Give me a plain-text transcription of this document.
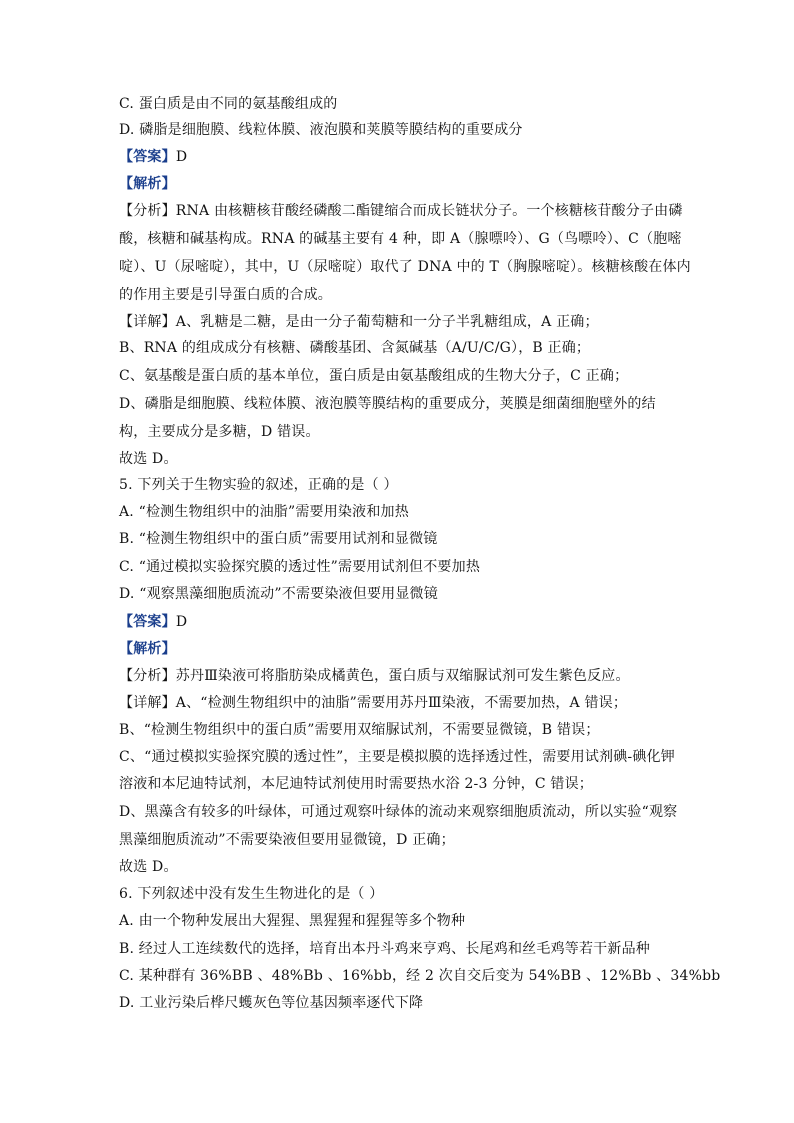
C. 蛋白质是由不同的氨基酸组成的
D. 磷脂是细胞膜、线粒体膜、液泡膜和荚膜等膜结构的重要成分
【答案】D
【解析】
【分析】RNA 由核糖核苷酸经磷酸二酯键缩合而成长链状分子。一个核糖核苷酸分子由磷
酸，核糖和碱基构成。RNA 的碱基主要有 4 种，即 A（腺嘌呤）、G（鸟嘌呤）、C（胞嘧
啶）、U（尿嘧啶），其中，U（尿嘧啶）取代了 DNA 中的 T（胸腺嘧啶）。核糖核酸在体内
的作用主要是引导蛋白质的合成。
【详解】A、乳糖是二糖，是由一分子葡萄糖和一分子半乳糖组成，A 正确；
B、RNA 的组成成分有核糖、磷酸基团、含氮碱基（A/U/C/G），B 正确；
C、氨基酸是蛋白质的基本单位，蛋白质是由氨基酸组成的生物大分子，C 正确；
D、磷脂是细胞膜、线粒体膜、液泡膜等膜结构的重要成分，荚膜是细菌细胞壁外的结
构，主要成分是多糖，D 错误。
故选 D。
5. 下列关于生物实验的叙述，正确的是（ ）
A. “检测生物组织中的油脂”需要用染液和加热
B. “检测生物组织中的蛋白质”需要用试剂和显微镜
C. “通过模拟实验探究膜的透过性”需要用试剂但不要加热
D. “观察黑藻细胞质流动”不需要染液但要用显微镜
【答案】D
【解析】
【分析】苏丹Ⅲ染液可将脂肪染成橘黄色，蛋白质与双缩脲试剂可发生紫色反应。
【详解】A、“检测生物组织中的油脂”需要用苏丹Ⅲ染液，不需要加热，A 错误；
B、“检测生物组织中的蛋白质”需要用双缩脲试剂，不需要显微镜，B 错误；
C、“通过模拟实验探究膜的透过性”，主要是模拟膜的选择透过性，需要用试剂碘-碘化钾
溶液和本尼迪特试剂，本尼迪特试剂使用时需要热水浴 2-3 分钟，C 错误；
D、黑藻含有较多的叶绿体，可通过观察叶绿体的流动来观察细胞质流动，所以实验“观察
黑藻细胞质流动”不需要染液但要用显微镜，D 正确；
故选 D。
6. 下列叙述中没有发生生物进化的是（ ）
A. 由一个物种发展出大猩猩、黑猩猩和猩猩等多个物种
B. 经过人工连续数代的选择，培育出本丹斗鸡来亨鸡、长尾鸡和丝毛鸡等若干新品种
C. 某种群有 36%BB 、48%Bb 、16%bb，经 2 次自交后变为 54%BB 、12%Bb 、34%bb
D. 工业污染后桦尺蠖灰色等位基因频率逐代下降
